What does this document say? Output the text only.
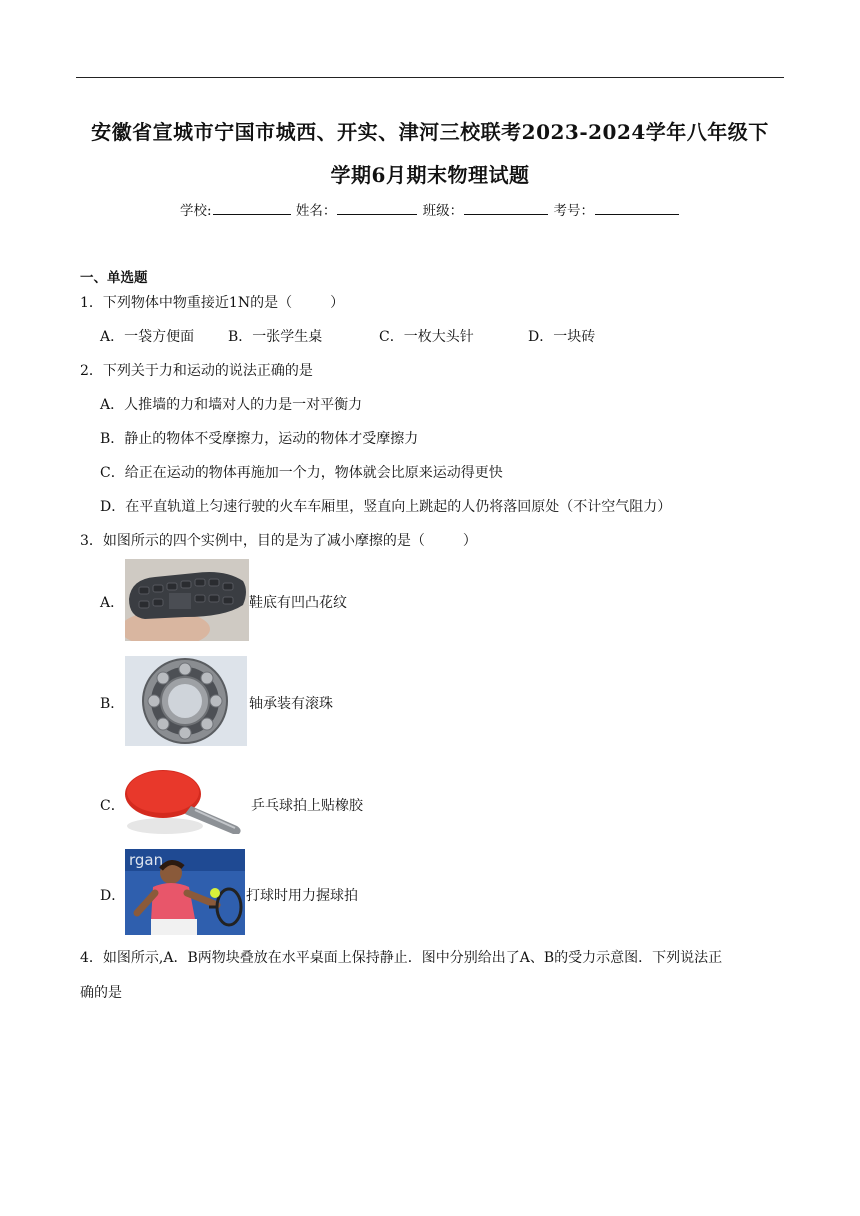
安徽省宣城市宁国市城西、开实、津河三校联考2023-2024学年八年级下
学期6月期末物理试题
学校:	姓名：	班级：	考号：
一、单选题
1．下列物体中物重接近1N的是（	）
A．一袋方便面 B．一张学生桌	C．一枚大头针	D．一块砖
2．下列关于力和运动的说法正确的是
A．人推墙的力和墙对人的力是一对平衡力
B．静止的物体不受摩擦力，运动的物体才受摩擦力
C．给正在运动的物体再施加一个力，物体就会比原来运动得更快
D．在平直轨道上匀速行驶的火车车厢里，竖直向上跳起的人仍将落回原处（不计空气阻力）
3．如图所示的四个实例中，目的是为了减小摩擦的是（	）
A．	鞋底有凹凸花纹
B．	轴承装有滚珠
C．	乒乓球拍上贴橡胶
D．
rgan
打球时用力握球拍
4．如图所示,A．B两物块叠放在水平桌面上保持静止．图中分别给出了A、B的受力示意图．下列说法正
确的是
